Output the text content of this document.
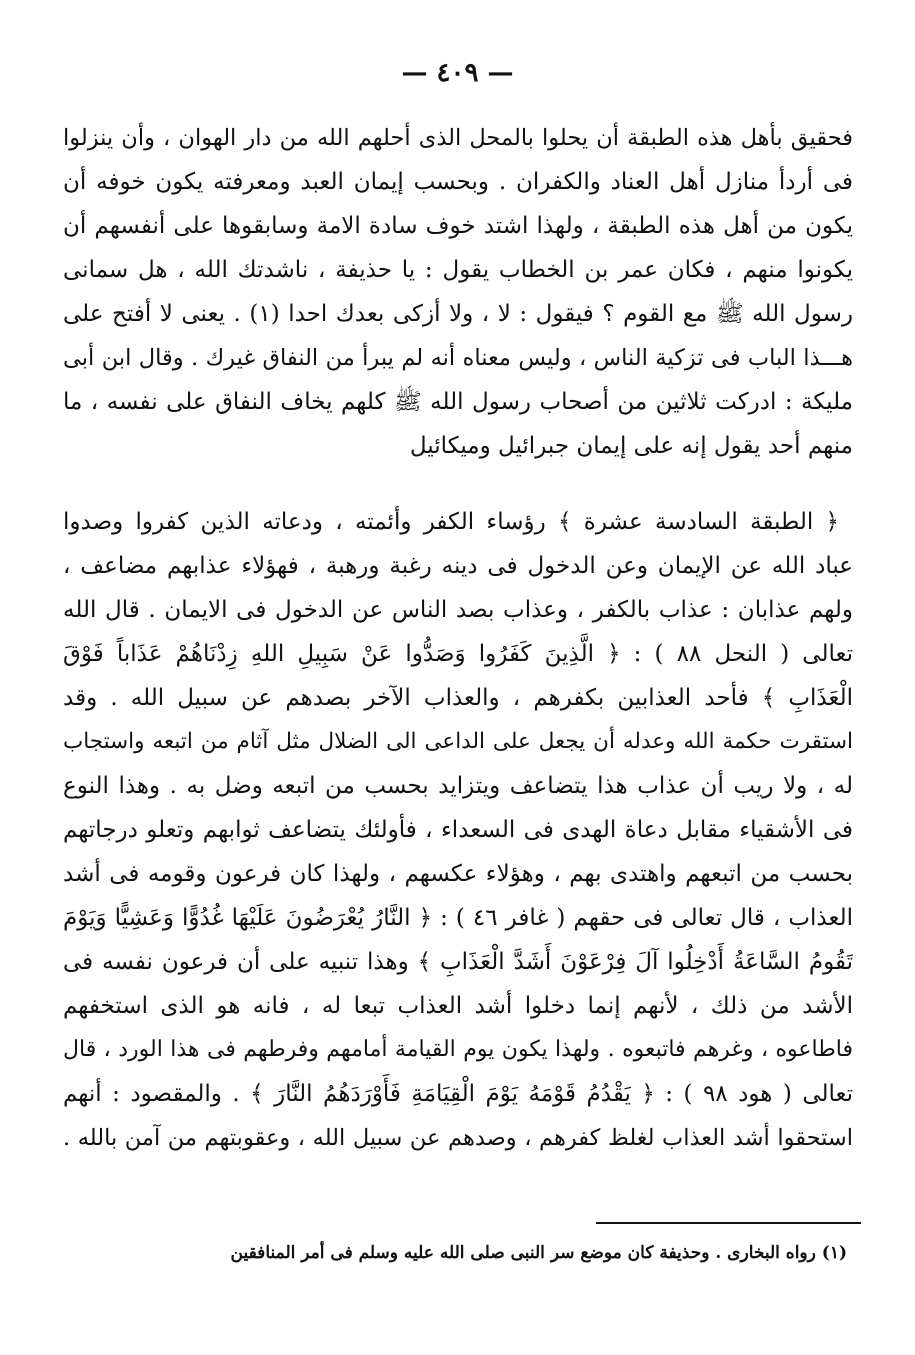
— ٤٠٩ —
فحقيق بأهل هذه الطبقة أن يحلوا بالمحل الذى أحلهم الله من دار الهوان ، وأن ينزلوا
فى أردأ منازل أهل العناد والكفران . وبحسب إيمان العبد ومعرفته يكون خوفه أن
يكون من أهل هذه الطبقة ، ولهذا اشتد خوف سادة الامة وسابقوها على أنفسهم أن
يكونوا منهم ، فكان عمر بن الخطاب يقول : يا حذيفة ، ناشدتك الله ، هل سمانى
رسول الله ﷺ مع القوم ؟ فيقول : لا ، ولا أزكى بعدك احدا (١) . يعنى لا أفتح على
هـــذا الباب فى تزكية الناس ، وليس معناه أنه لم يبرأ من النفاق غيرك . وقال ابن أبى
مليكة : ادركت ثلاثين من أصحاب رسول الله ﷺ كلهم يخاف النفاق على نفسه ، ما
منهم أحد يقول إنه على إيمان جبرائيل وميكائيل
﴿ الطبقة السادسة عشرة ﴾ رؤساء الكفر وأئمته ، ودعاته الذين كفروا وصدوا
عباد الله عن الإيمان وعن الدخول فى دينه رغبة ورهبة ، فهؤلاء عذابهم مضاعف ،
ولهم عذابان : عذاب بالكفر ، وعذاب بصد الناس عن الدخول فى الايمان . قال الله
تعالى ( النحل ٨٨ ) : ﴿ الَّذِينَ كَفَرُوا وَصَدُّوا عَنْ سَبِيلِ اللهِ زِدْنَاهُمْ عَذَاباً فَوْقَ
الْعَذَابِ ﴾ فأحد العذابين بكفرهم ، والعذاب الآخر بصدهم عن سبيل الله . وقد
استقرت حكمة الله وعدله أن يجعل على الداعى الى الضلال مثل آثام من اتبعه واستجاب
له ، ولا ريب أن عذاب هذا يتضاعف ويتزايد بحسب من اتبعه وضل به . وهذا النوع
فى الأشقياء مقابل دعاة الهدى فى السعداء ، فأولئك يتضاعف ثوابهم وتعلو درجاتهم
بحسب من اتبعهم واهتدى بهم ، وهؤلاء عكسهم ، ولهذا كان فرعون وقومه فى أشد
العذاب ، قال تعالى فى حقهم ( غافر ٤٦ ) : ﴿ النَّارُ يُعْرَضُونَ عَلَيْهَا غُدُوًّا وَعَشِيًّا وَيَوْمَ
تَقُومُ السَّاعَةُ أَدْخِلُوا آلَ فِرْعَوْنَ أَشَدَّ الْعَذَابِ ﴾ وهذا تنبيه على أن فرعون نفسه فى
الأشد من ذلك ، لأنهم إنما دخلوا أشد العذاب تبعا له ، فانه هو الذى استخفهم
فاطاعوه ، وغرهم فاتبعوه . ولهذا يكون يوم القيامة أمامهم وفرطهم فى هذا الورد ، قال
تعالى ( هود ٩٨ ) : ﴿ يَقْدُمُ قَوْمَهُ يَوْمَ الْقِيَامَةِ فَأَوْرَدَهُمُ النَّارَ ﴾ . والمقصود : أنهم
استحقوا أشد العذاب لغلظ كفرهم ، وصدهم عن سبيل الله ، وعقوبتهم من آمن بالله .
(١) رواه البخارى . وحذيفة كان موضع سر النبى صلى الله عليه وسلم فى أمر المنافقين
